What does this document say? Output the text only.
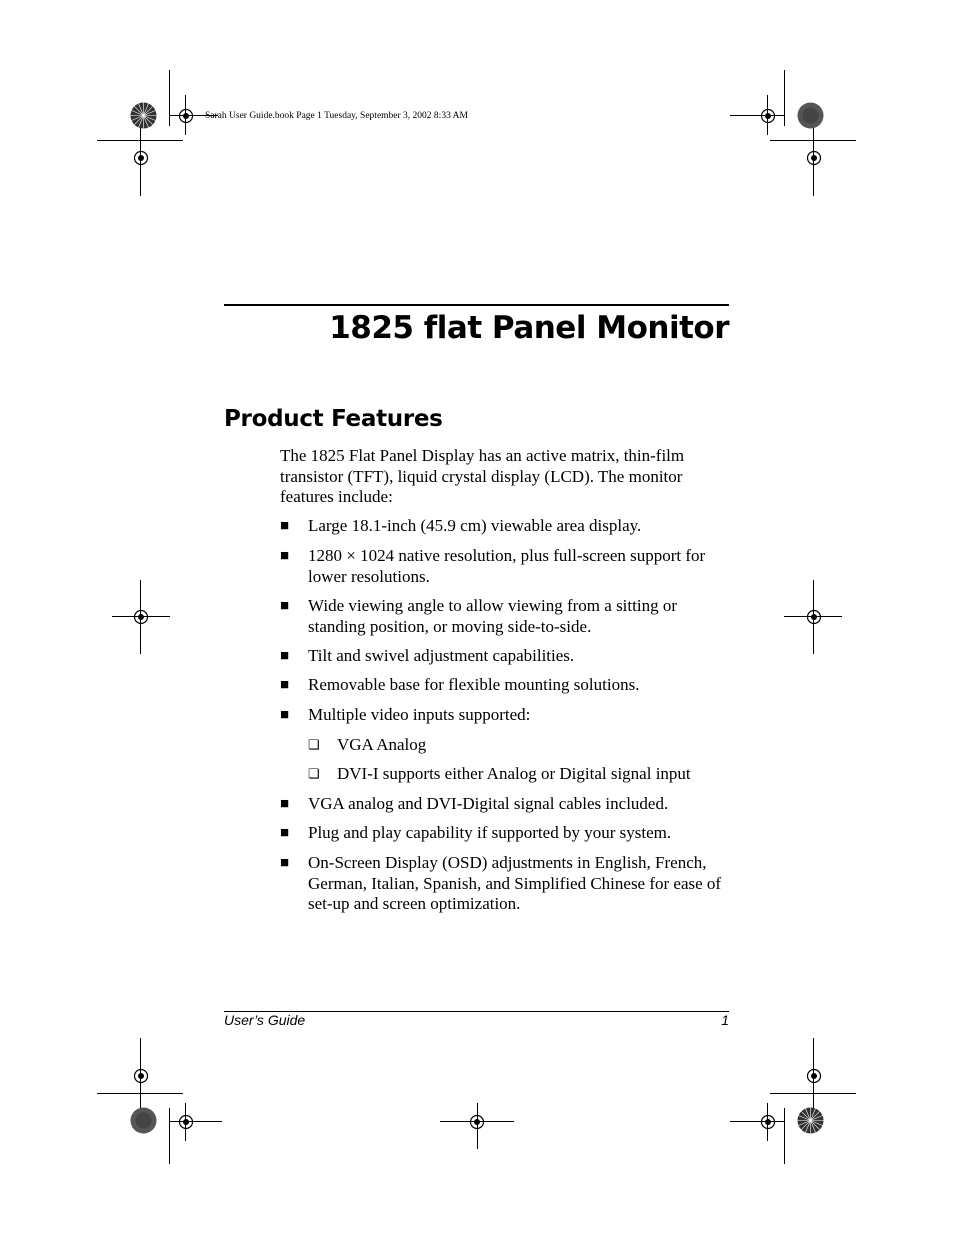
Sarah User Guide.book Page 1 Tuesday, September 3, 2002 8:33 AM
1825 flat Panel Monitor
Product Features

The 1825 Flat Panel Display has an active matrix, thin-film transistor (TFT), liquid crystal display (LCD). The monitor features include:

■	Large 18.1-inch (45.9 cm) viewable area display.
■	1280 × 1024 native resolution, plus full-screen support for lower resolutions.
■	Wide viewing angle to allow viewing from a sitting or standing position, or moving side-to-side.
■	Tilt and swivel adjustment capabilities.
■	Removable base for flexible mounting solutions.
■	Multiple video inputs supported:
❏ VGA Analog
❏ DVI-I supports either Analog or Digital signal input
■	VGA analog and DVI-Digital signal cables included.
■	Plug and play capability if supported by your system.
■	On-Screen Display (OSD) adjustments in English, French, German, Italian, Spanish, and Simplified Chinese for ease of set-up and screen optimization.
User’s Guide	1
